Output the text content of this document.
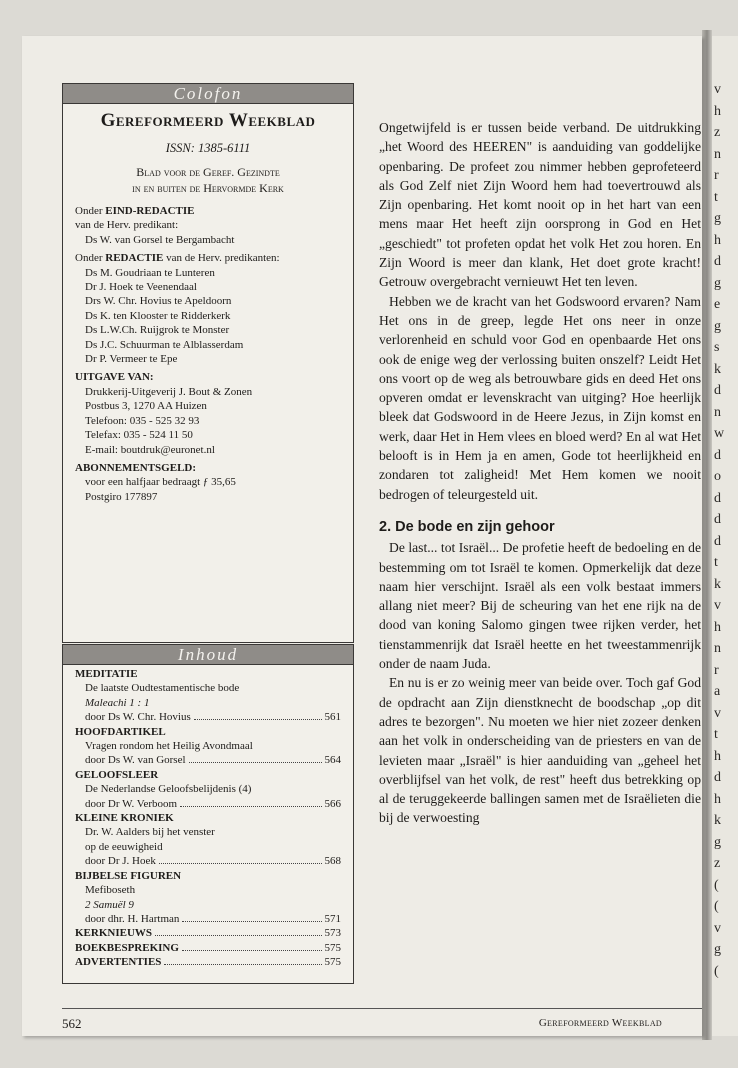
v
h
z
n
r
t
g
h
d
g
e
g
s
k
d
n
w
d
o
d
d
d
t
k
v
h
n
r
a
v
t
h
d
h
k
g
z
(
(
v
g
(
Colofon
Gereformeerd Weekblad
ISSN: 1385-6111
Blad voor de Geref. Gezindte
in en buiten de Hervormde Kerk
Onder EIND-REDACTIE
van de Herv. predikant:
Ds W. van Gorsel te Bergambacht
Onder REDACTIE van de Herv. predikanten:
Ds M. Goudriaan te Lunteren
Dr J. Hoek te Veenendaal
Drs W. Chr. Hovius te Apeldoorn
Ds K. ten Klooster te Ridderkerk
Ds L.W.Ch. Ruijgrok te Monster
Ds J.C. Schuurman te Alblasserdam
Dr P. Vermeer te Epe
UITGAVE VAN:
Drukkerij-Uitgeverij J. Bout & Zonen
Postbus 3, 1270 AA Huizen
Telefoon: 035 - 525 32 93
Telefax: 035 - 524 11 50
E-mail: boutdruk@euronet.nl
ABONNEMENTSGELD:
voor een halfjaar bedraagt ƒ 35,65
Postgiro 177897
Inhoud
MEDITATIE
De laatste Oudtestamentische bode
Maleachi 1 : 1
door Ds W. Chr. Hovius	561
HOOFDARTIKEL
Vragen rondom het Heilig Avondmaal
door Ds W. van Gorsel	564
GELOOFSLEER
De Nederlandse Geloofsbelijdenis (4)
door Dr W. Verboom	566
KLEINE KRONIEK
Dr. W. Aalders bij het venster
op de eeuwigheid
door Dr J. Hoek	568
BIJBELSE FIGUREN
Mefiboseth
2 Samuël 9
door dhr. H. Hartman	571
KERKNIEUWS	573
BOEKBESPREKING	575
ADVERTENTIES	575

Ongetwijfeld is er tussen beide verband. De uitdrukking „het Woord des HEEREN" is aanduiding van goddelijke openbaring. De profeet zou nimmer hebben geprofeteerd als God Zelf niet Zijn Woord hem had toevertrouwd als Zijn openbaring. Het komt nooit op in het hart van een mens maar Het heeft zijn oorsprong in God en Het „geschiedt" tot profeten opdat het volk Het zou horen. En Zijn Woord is meer dan klank, Het doet grote kracht! Getrouw overgebracht vernieuwt Het ten leven.

Hebben we de kracht van het Godswoord ervaren? Nam Het ons in de greep, legde Het ons neer in onze verlorenheid en schuld voor God en openbaarde Het ons ook de enige weg der verlossing buiten onszelf? Leidt Het ons voort op de weg als betrouwbare gids en deed Het ons opveren omdat er levenskracht van uitging? Hoe heerlijk bleek dat Godswoord in de Heere Jezus, in Zijn komst en werk, daar Het in Hem vlees en bloed werd? En al wat Het belooft is in Hem ja en amen, Gode tot heerlijkheid en zondaren tot zaligheid! Met Hem komen we nooit bedrogen of teleurgesteld uit.

2. De bode en zijn gehoor

De last... tot Israël... De profetie heeft de bedoeling en de bestemming om tot Israël te komen. Opmerkelijk dat deze naam hier verschijnt. Israël als een volk bestaat immers allang niet meer? Bij de scheuring van het ene rijk na de dood van koning Salomo gingen twee rijken verder, het tienstammenrijk dat Israël heette en het tweestammenrijk onder de naam Juda.

En nu is er zo weinig meer van beide over. Toch gaf God de opdracht aan Zijn dienstknecht de boodschap „op dit adres te bezorgen". Nu moeten we hier niet zozeer denken aan het volk in onderscheiding van de priesters en van de levieten maar „Israël" is hier aanduiding van „geheel het overblijfsel van het volk, de rest" heeft dus betrekking op al de teruggekeerde ballingen samen met de Israëlieten die bij de verwoesting

562	Gereformeerd Weekblad
